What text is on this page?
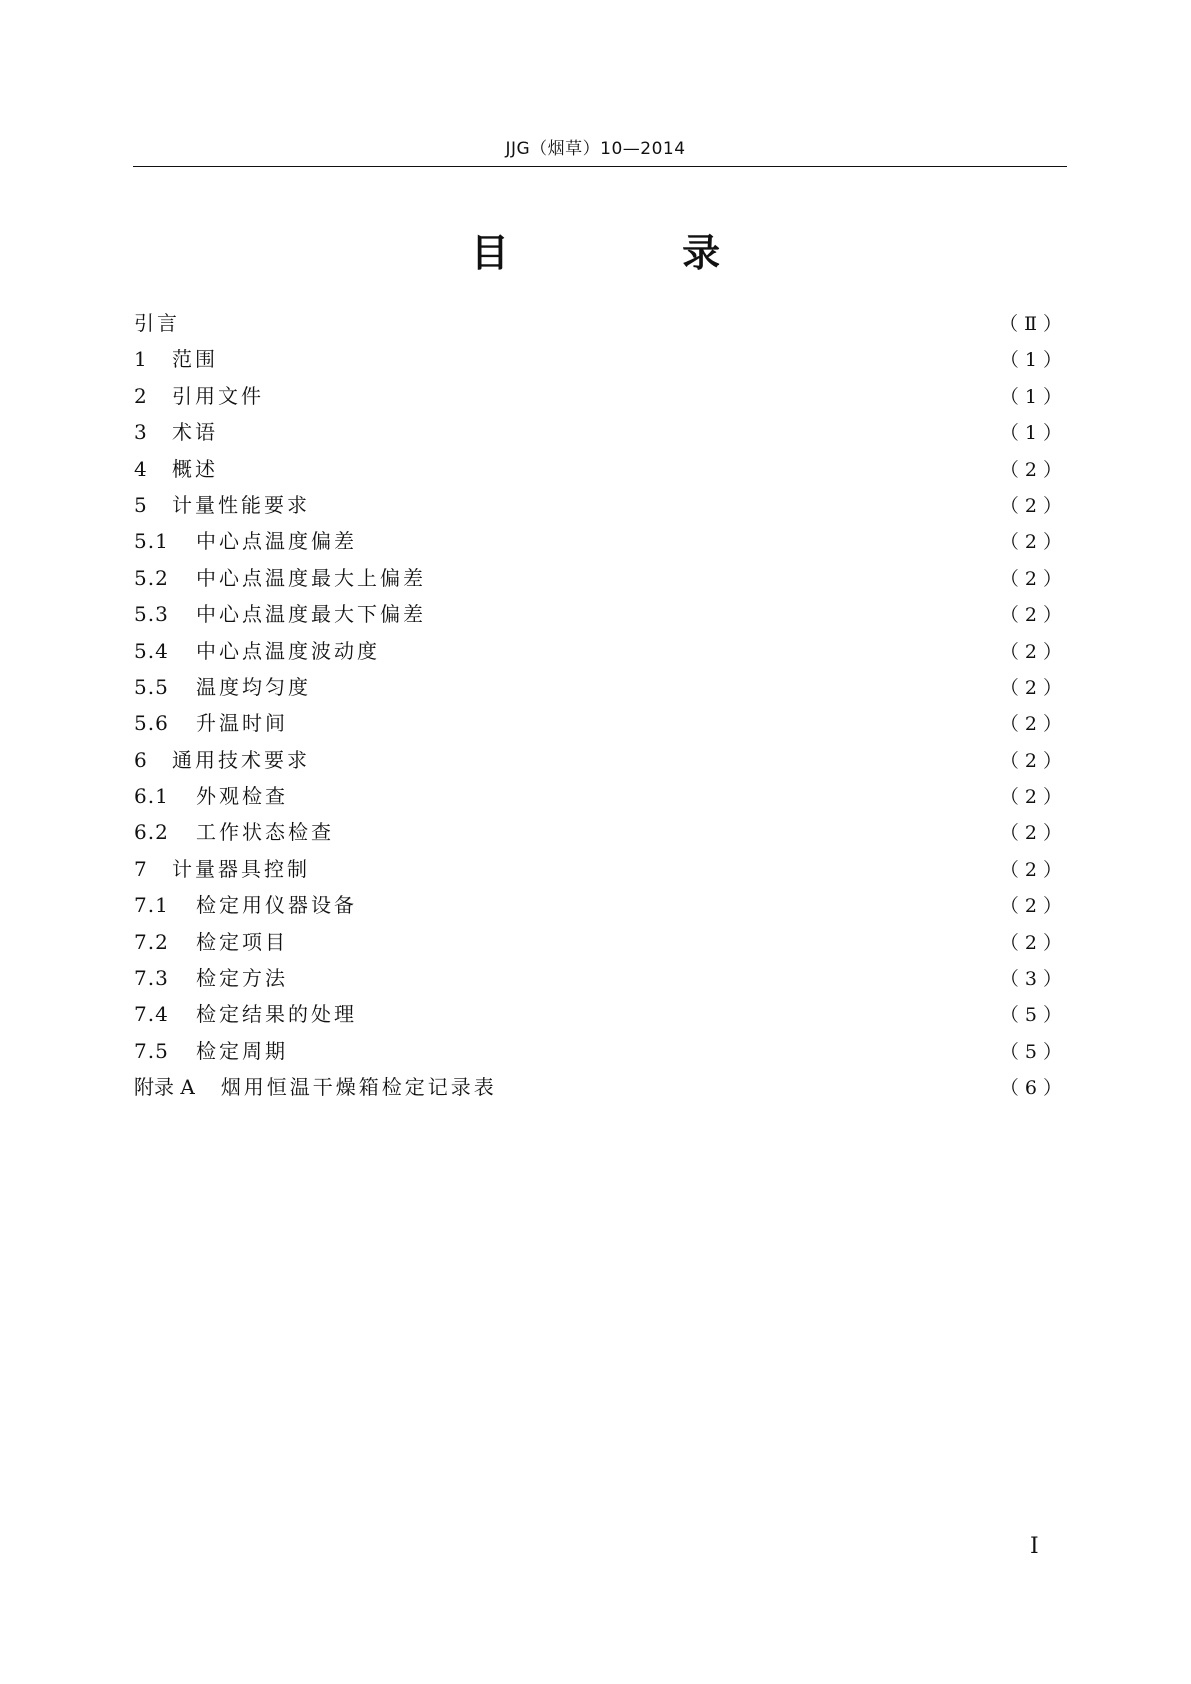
JJG（烟草）10—2014
目 录
引言	（Ⅱ）
1	范围	（1）
2	引用文件	（1）
3	术语	（1）
4	概述	（2）
5	计量性能要求	（2）
5.1	中心点温度偏差	（2）
5.2	中心点温度最大上偏差	（2）
5.3	中心点温度最大下偏差	（2）
5.4	中心点温度波动度	（2）
5.5	温度均匀度	（2）
5.6	升温时间	（2）
6	通用技术要求	（2）
6.1	外观检查	（2）
6.2	工作状态检查	（2）
7	计量器具控制	（2）
7.1	检定用仪器设备	（2）
7.2	检定项目	（2）
7.3	检定方法	（3）
7.4	检定结果的处理	（5）
7.5	检定周期	（5）
附录 A 烟用恒温干燥箱检定记录表	（6）
Ⅰ
